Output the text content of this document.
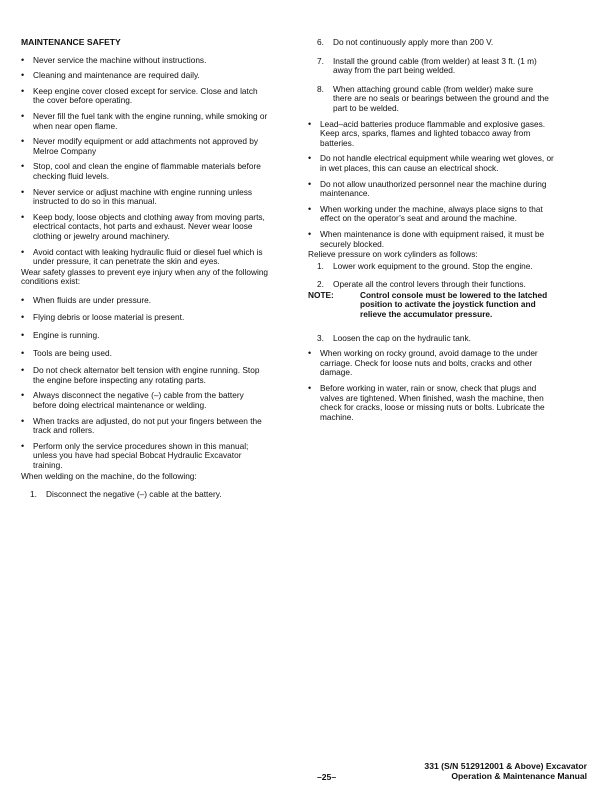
MAINTENANCE SAFETY
• Never service the machine without instructions.
• Cleaning and maintenance are required daily.
• Keep engine cover closed except for service. Close and latch the cover before operating.
• Never fill the fuel tank with the engine running, while smoking or when near open flame.
• Never modify equipment or add attachments not approved by Melroe Company
• Stop, cool and clean the engine of flammable materials before checking fluid levels.
• Never service or adjust machine with engine running unless instructed to do so in this manual.
• Keep body, loose objects and clothing away from moving parts, electrical contacts, hot parts and exhaust. Never wear loose clothing or jewelry around machinery.
• Avoid contact with leaking hydraulic fluid or diesel fuel which is under pressure, it can penetrate the skin and eyes.
Wear safety glasses to prevent eye injury when any of the following conditions exist:
• When fluids are under pressure.
• Flying debris or loose material is present.
• Engine is running.
• Tools are being used.
• Do not check alternator belt tension with engine running. Stop the engine before inspecting any rotating parts.
• Always disconnect the negative (–) cable from the battery before doing electrical maintenance or welding.
• When tracks are adjusted, do not put your fingers between the track and rollers.
• Perform only the service procedures shown in this manual; unless you have had special Bobcat Hydraulic Excavator training.
When welding on the machine, do the following:
1. Disconnect the negative (–) cable at the battery.
6. Do not continuously apply more than 200 V.
7. Install the ground cable (from welder) at least 3 ft. (1 m) away from the part being welded.
8. When attaching ground cable (from welder) make sure there are no seals or bearings between the ground and the part to be welded.
• Lead–acid batteries produce flammable and explosive gases. Keep arcs, sparks, flames and lighted tobacco away from batteries.
• Do not handle electrical equipment while wearing wet gloves, or in wet places, this can cause an electrical shock.
• Do not allow unauthorized personnel near the machine during maintenance.
• When working under the machine, always place signs to that effect on the operator’s seat and around the machine.
• When maintenance is done with equipment raised, it must be securely blocked.
Relieve pressure on work cylinders as follows:
1. Lower work equipment to the ground. Stop the engine.
2. Operate all the control levers through their functions.
NOTE:	Control console must be lowered to the latched position to activate the joystick function and relieve the accumulator pressure.
3. Loosen the cap on the hydraulic tank.
• When working on rocky ground, avoid damage to the under carriage. Check for loose nuts and bolts, cracks and other damage.
• Before working in water, rain or snow, check that plugs and valves are tightened. When finished, wash the machine, then check for cracks, loose or missing nuts or bolts. Lubricate the machine.
–25–
331 (S/N 512912001 & Above) Excavator
Operation & Maintenance Manual
